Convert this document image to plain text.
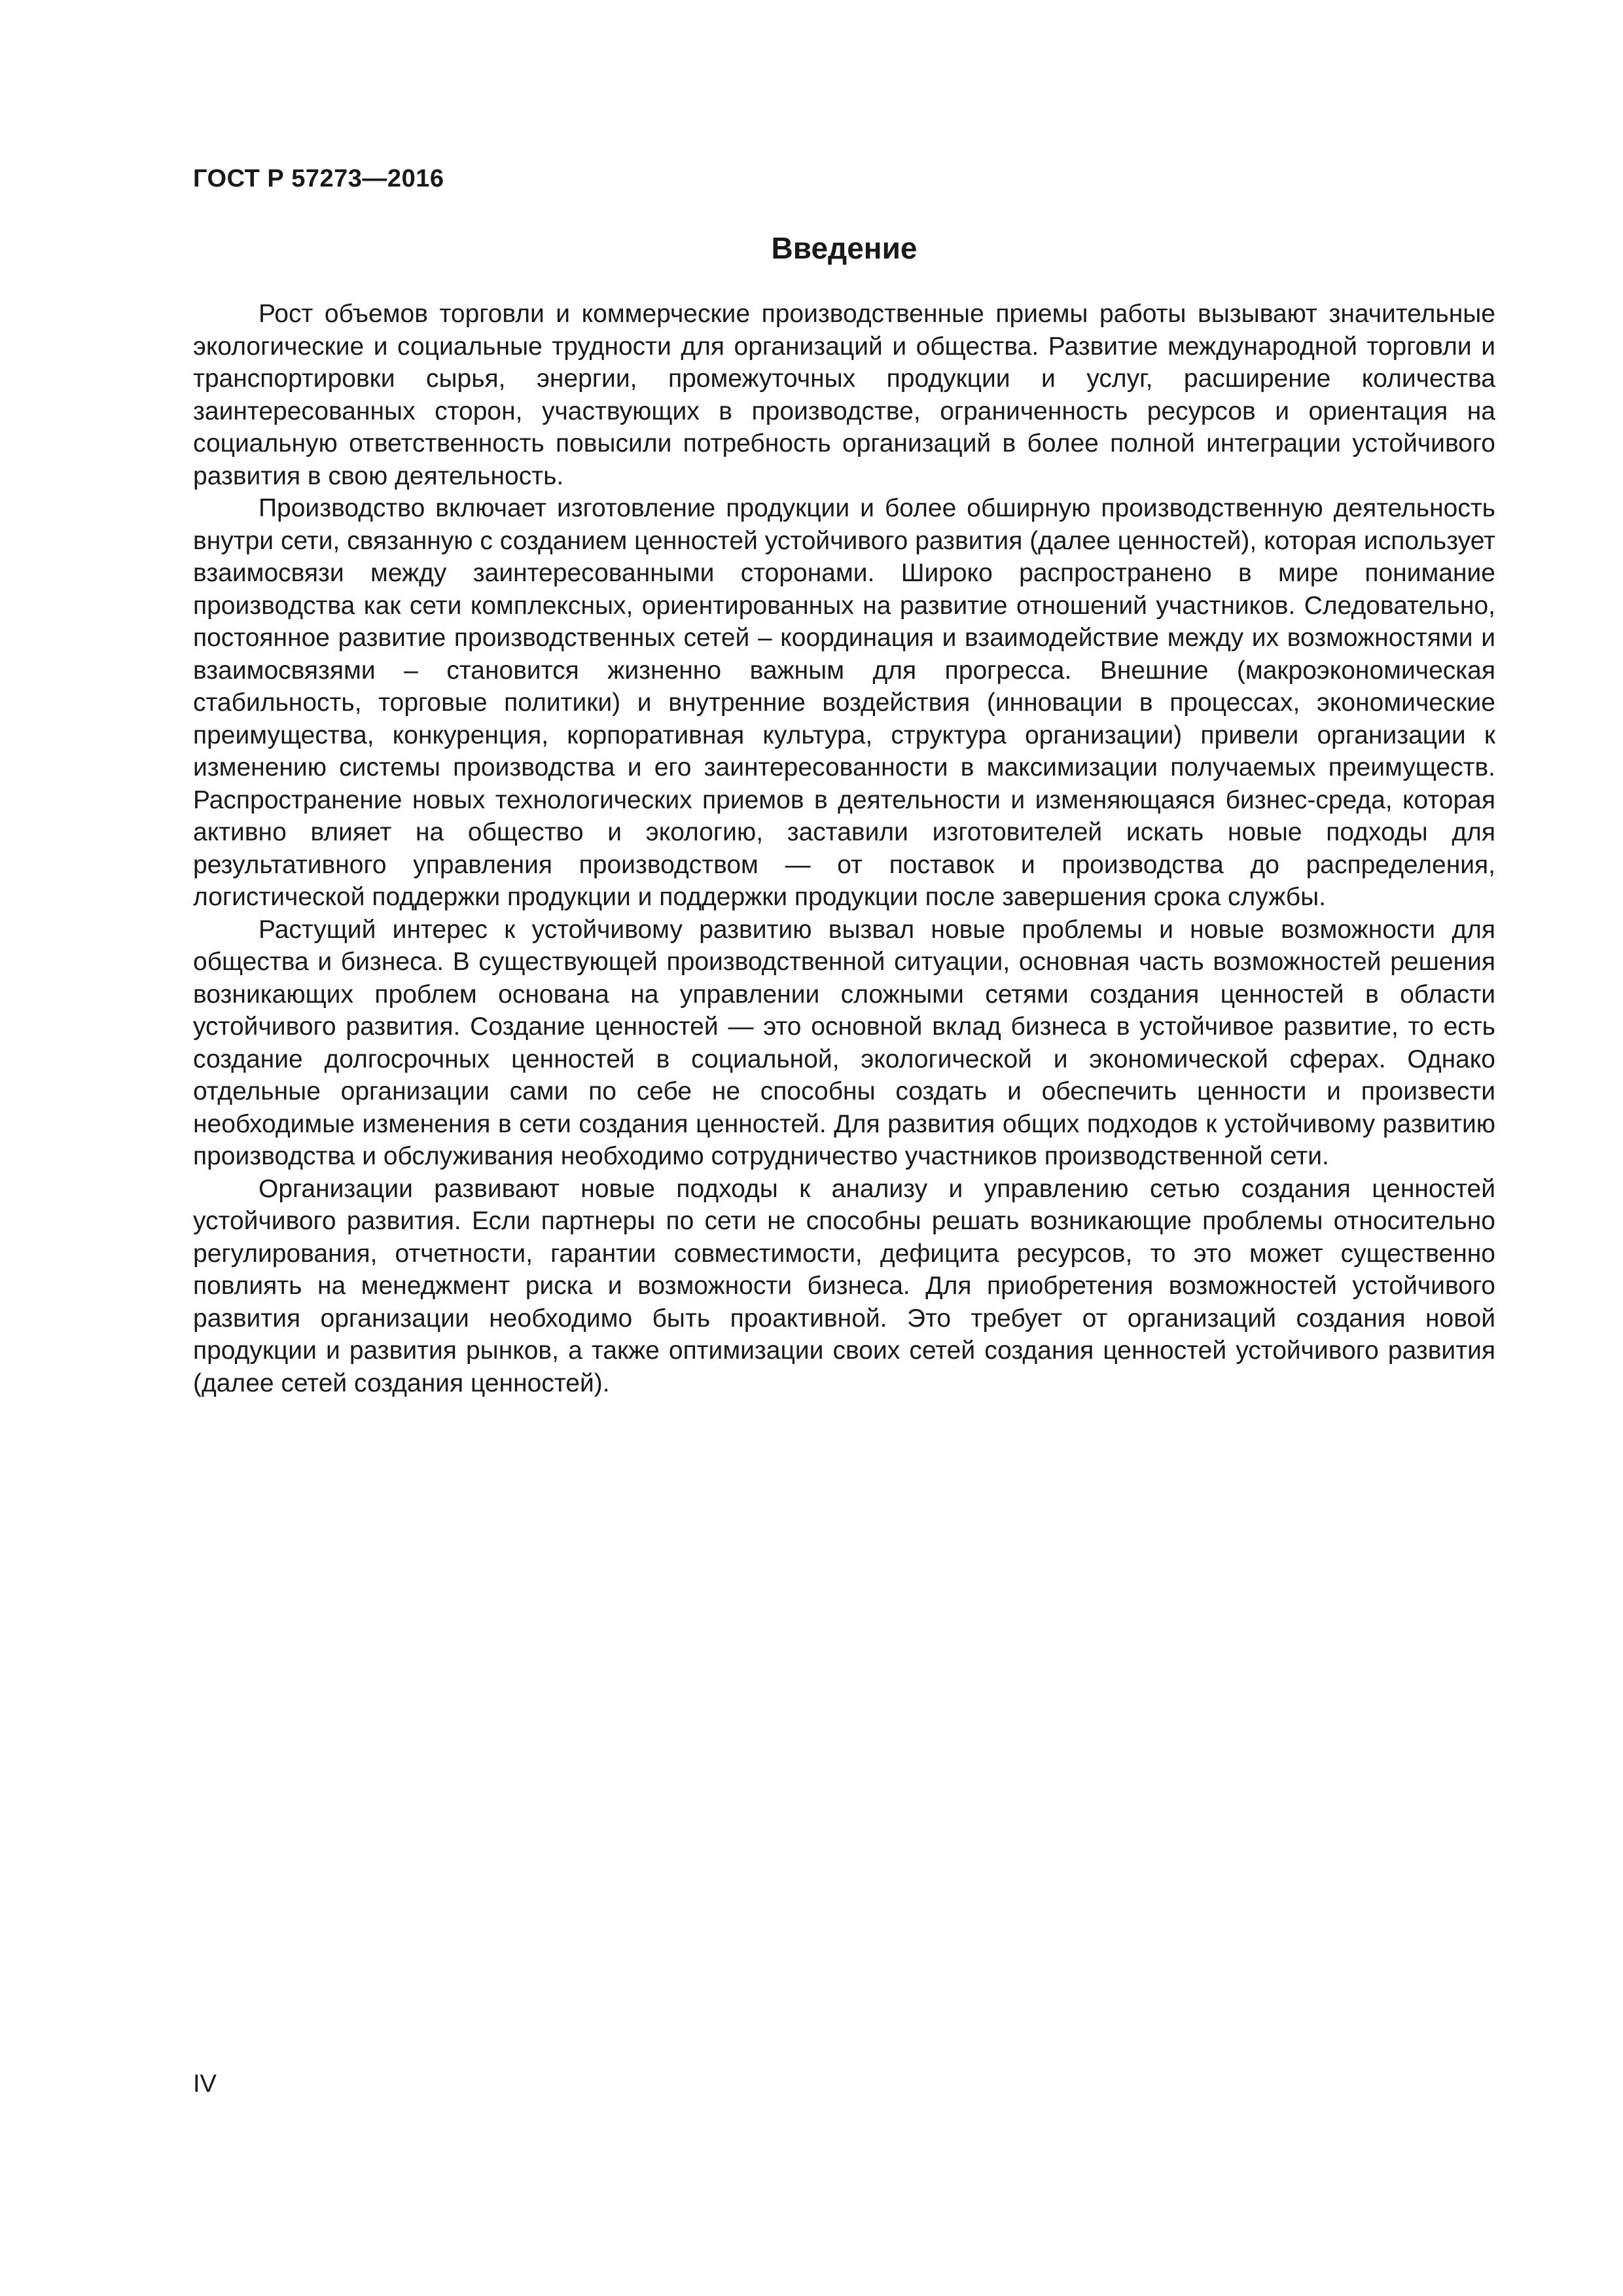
ГОСТ Р 57273—2016
Введение

Рост объемов торговли и коммерческие производственные приемы работы вызывают значительные экологические и социальные трудности для организаций и общества. Развитие международной торговли и транспортировки сырья, энергии, промежуточных продукции и услуг, расширение количества заинтересованных сторон, участвующих в производстве, ограниченность ресурсов и ориентация на социальную ответственность повысили потребность организаций в более полной интеграции устойчивого развития в свою деятельность.

Производство включает изготовление продукции и более обширную производственную деятельность внутри сети, связанную с созданием ценностей устойчивого развития (далее ценностей), которая использует взаимосвязи между заинтересованными сторонами. Широко распространено в мире понимание производства как сети комплексных, ориентированных на развитие отношений участников. Следовательно, постоянное развитие производственных сетей – координация и взаимодействие между их возможностями и взаимосвязями – становится жизненно важным для прогресса. Внешние (макроэкономическая стабильность, торговые политики) и внутренние воздействия (инновации в процессах, экономические преимущества, конкуренция, корпоративная культура, структура организации) привели организации к изменению системы производства и его заинтересованности в максимизации получаемых преимуществ. Распространение новых технологических приемов в деятельности и изменяющаяся бизнес-среда, которая активно влияет на общество и экологию, заставили изготовителей искать новые подходы для результативного управления производством — от поставок и производства до распределения, логистической поддержки продукции и поддержки продукции после завершения срока службы.

Растущий интерес к устойчивому развитию вызвал новые проблемы и новые возможности для общества и бизнеса. В существующей производственной ситуации, основная часть возможностей решения возникающих проблем основана на управлении сложными сетями создания ценностей в области устойчивого развития. Создание ценностей — это основной вклад бизнеса в устойчивое развитие, то есть создание долгосрочных ценностей в социальной, экологической и экономической сферах. Однако отдельные организации сами по себе не способны создать и обеспечить ценности и произвести необходимые изменения в сети создания ценностей. Для развития общих подходов к устойчивому развитию производства и обслуживания необходимо сотрудничество участников производственной сети.

Организации развивают новые подходы к анализу и управлению сетью создания ценностей устойчивого развития. Если партнеры по сети не способны решать возникающие проблемы относительно регулирования, отчетности, гарантии совместимости, дефицита ресурсов, то это может существенно повлиять на менеджмент риска и возможности бизнеса. Для приобретения возможностей устойчивого развития организации необходимо быть проактивной. Это требует от организаций создания новой продукции и развития рынков, а также оптимизации своих сетей создания ценностей устойчивого развития (далее сетей создания ценностей).

IV
